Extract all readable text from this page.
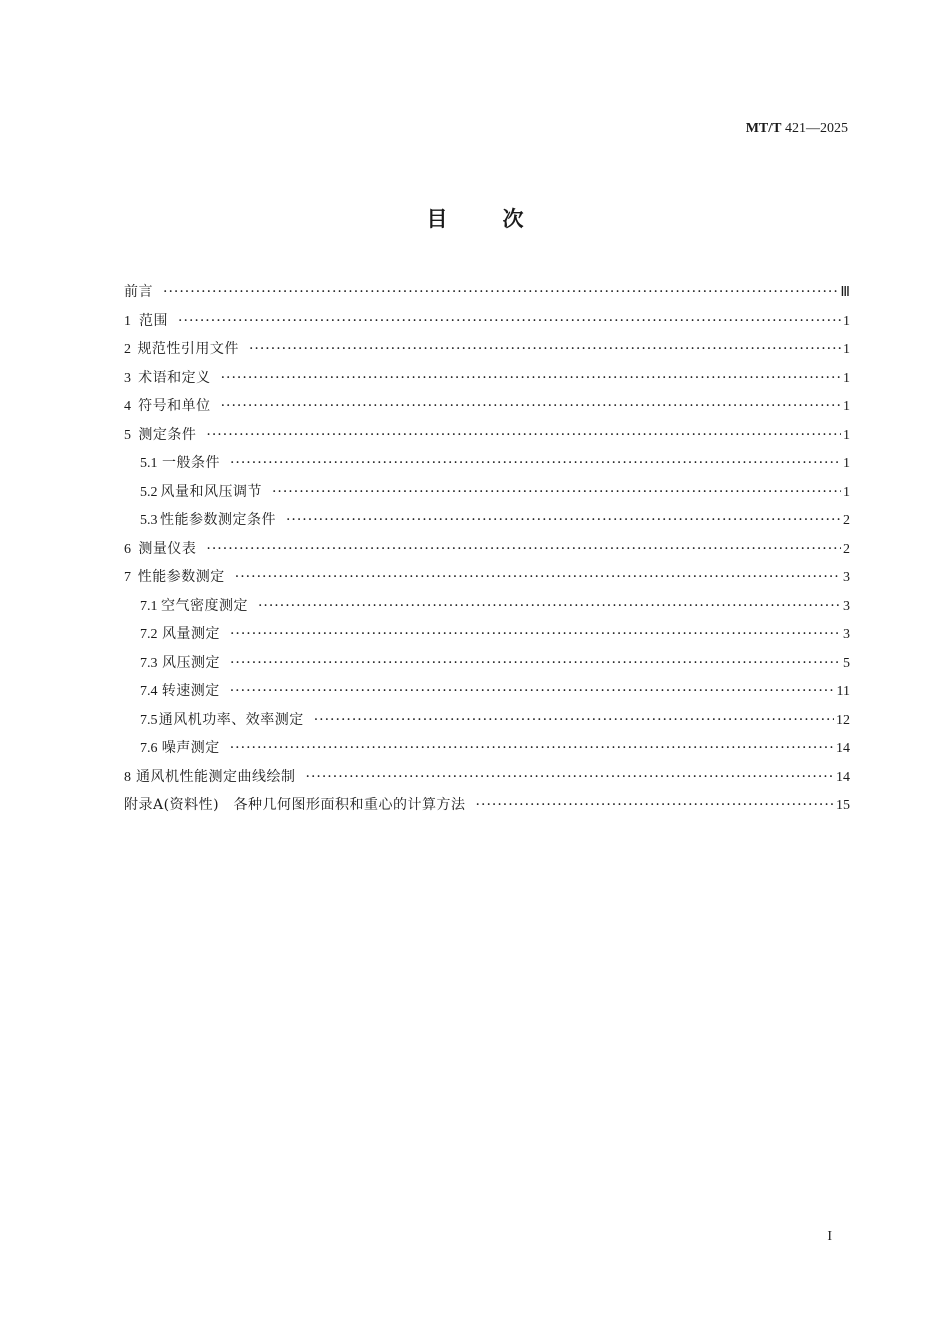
MT/T 421—2025
目次
前言 ·····	Ⅲ
1 范围 ·····	1
2 规范性引用文件 ·····	1
3 术语和定义 ·····	1
4 符号和单位 ·····	1
5 测定条件 ·····	1
5.1 一般条件 ·····	1
5.2 风量和风压调节 ·····	1
5.3 性能参数测定条件 ·····	2
6 测量仪表 ·····	2
7 性能参数测定 ·····	3
7.1 空气密度测定 ·····	3
7.2 风量测定 ·····	3
7.3 风压测定 ·····	5
7.4 转速测定 ·····	11
7.5 通风机功率、效率测定 ·····	12
7.6 噪声测定 ·····	14
8 通风机性能测定曲线绘制 ·····	14
附录A(资料性)　各种几何图形面积和重心的计算方法 ·····	15
I
